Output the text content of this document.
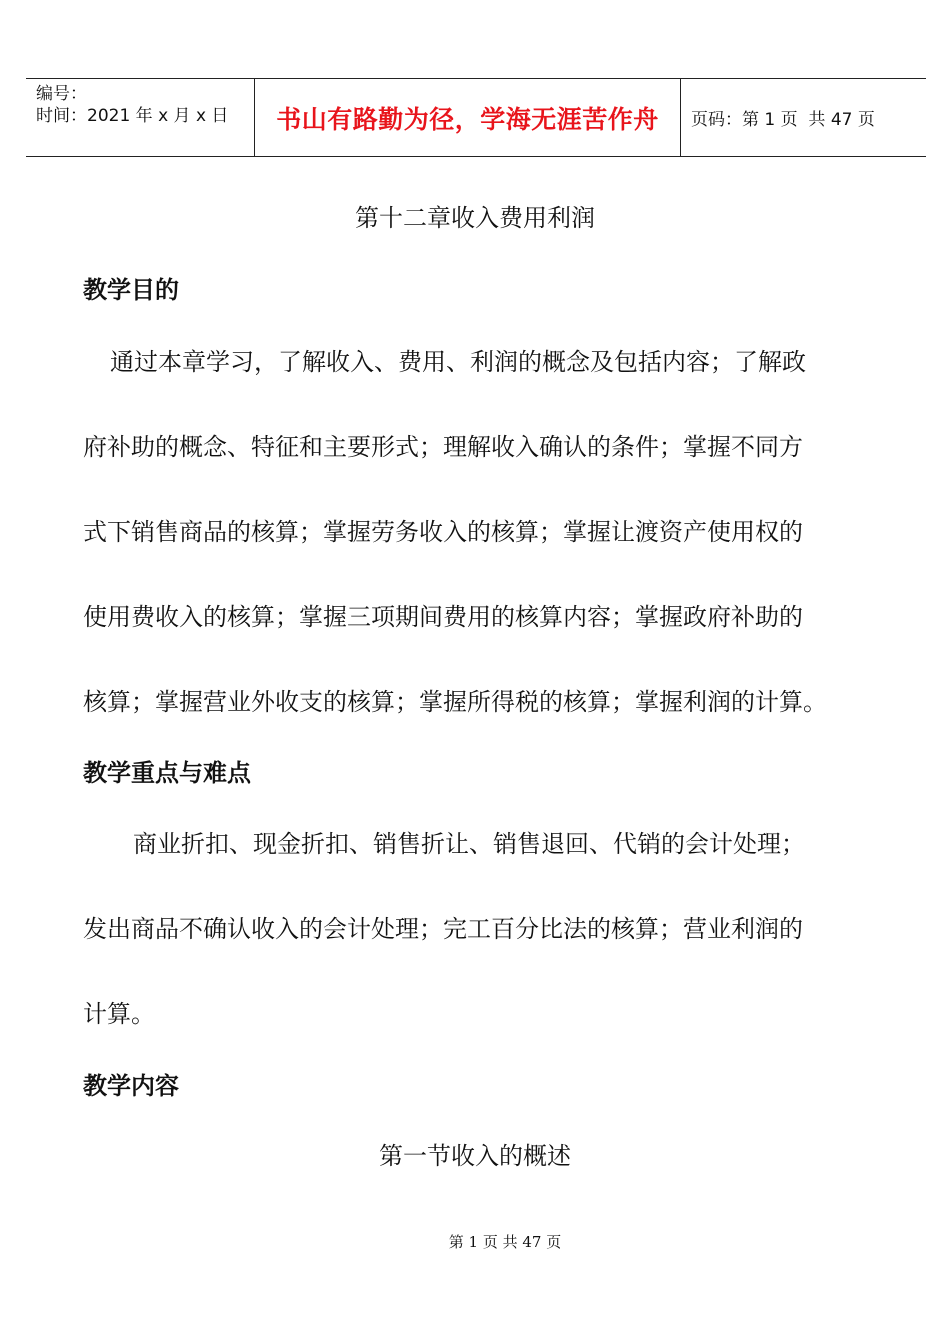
编号：
时间：2021 年 x 月 x 日	书山有路勤为径，学海无涯苦作舟	页码：第 1 页  共 47 页
第十二章收入费用利润
教学目的
通过本章学习，了解收入、费用、利润的概念及包括内容；了解政
府补助的概念、特征和主要形式；理解收入确认的条件；掌握不同方
式下销售商品的核算；掌握劳务收入的核算；掌握让渡资产使用权的
使用费收入的核算；掌握三项期间费用的核算内容；掌握政府补助的
核算；掌握营业外收支的核算；掌握所得税的核算；掌握利润的计算。
教学重点与难点
商业折扣、现金折扣、销售折让、销售退回、代销的会计处理；
发出商品不确认收入的会计处理；完工百分比法的核算；营业利润的
计算。
教学内容
第一节收入的概述
第 1 页 共 47 页
